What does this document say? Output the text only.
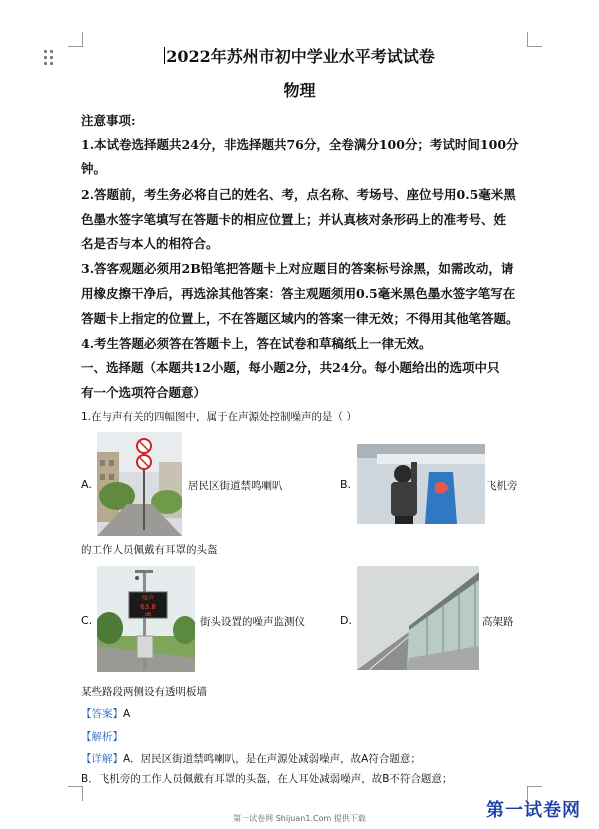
2022年苏州市初中学业水平考试试卷
物理
注意事项:
1.本试卷选择题共24分，非选择题共76分，全卷满分100分；考试时间100分
钟。
2.答题前，考生务必将自己的姓名、考，点名称、考场号、座位号用0.5毫米黑
色墨水签字笔填写在答题卡的相应位置上；并认真核对条形码上的准考号、姓
名是否与本人的相符合。
3.答客观题必须用2B铅笔把答题卡上对应题目的答案标号涂黑，如需改动，请
用橡皮擦干净后，再选涂其他答案：答主观题须用0.5毫米黑色墨水签字笔写在
答题卡上指定的位置上，不在答题区域内的答案一律无效；不得用其他笔答题。
4.考生答题必须答在答题卡上，答在试卷和草稿纸上一律无效。
一、选择题（本题共12小题，每小题2分，共24分。每小题给出的选项中只
有一个选项符合题意）
1.在与声有关的四幅图中，属于在声源处控制噪声的是（ ）
A.	居民区街道禁鸣喇叭	B.	飞机旁
的工作人员佩戴有耳罩的头盔
C.
噪声
63.8
dB
街头设置的噪声监测仪	D.	高架路
某些路段两侧设有透明板墙
【答案】A
【解析】
【详解】A．居民区街道禁鸣喇叭，是在声源处减弱噪声，故A符合题意；
B．飞机旁的工作人员佩戴有耳罩的头盔，在人耳处减弱噪声，故B不符合题意；
第一试卷网 Shijuan1.Com 提供下载	第一试卷网
